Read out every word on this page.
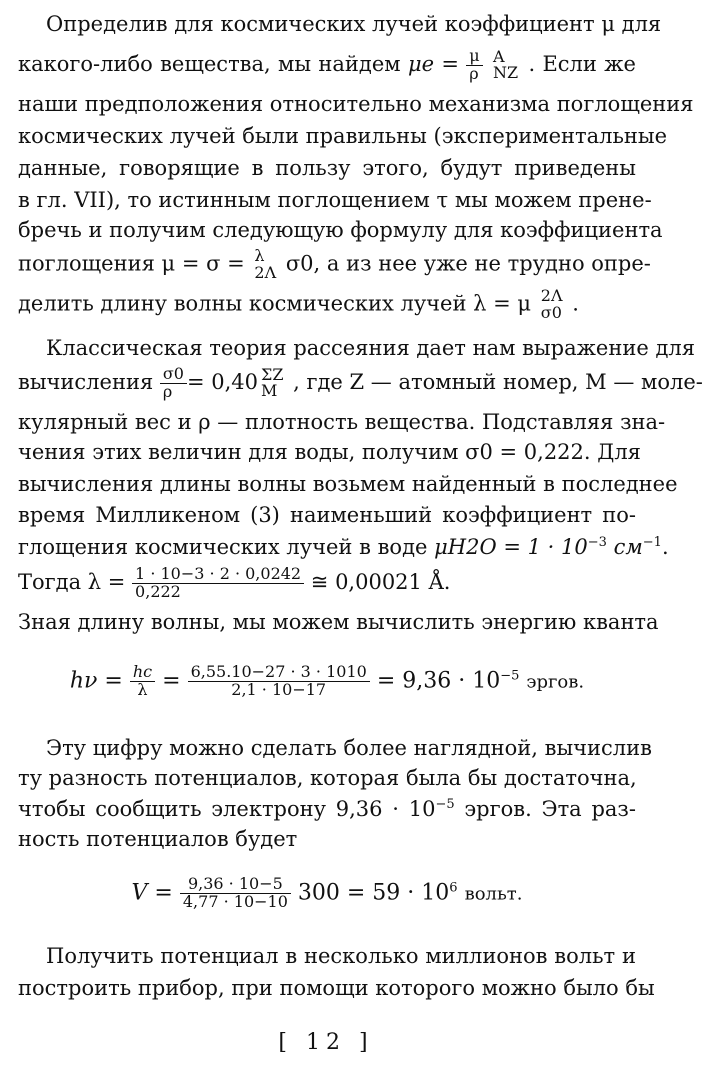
Определив для космических лучей коэффициент μ для
какого-либо вещества, мы найдем $\mu e = \frac{\mu}{\rho}$
A
NZ . Если же
наши предположения относительно механизма поглощения
космических лучей были правильны (экспериментальные
данные, говорящие в пользу этого, будут приведены
в гл. VII), то истинным поглощением τ мы можем пренe-
бречь и получим следующую формулу для коэффициента
поглощения μ = σ = λ
2Λ σ0, а из нее уже не трудно опре-
делить длину волны космических лучей λ = μ 2Λ
σ0 .
Классическая теория рассеяния дает нам выражение для
вычисления $\frac{\sigma 0}{\rho} = 0,40$ ΣZ
M , где Z — атомный номер, M — моле-
кулярный вес и ρ — плотность вещества. Подставляя зна-
чения этих величин для воды, получим σ0 = 0,222. Для
вычисления длины волны возьмем найденный в последнее
время Милликеном (3) наименьший коэффициент по-
глощения космических лучей в воде $\mu H2O = 1 \cdot 10^{-3}$ $см^{-1}$.
Тогда $\lambda = \frac{1 \cdot 10-3 \cdot 2 \cdot 0,0242}{0,222}$ ≅ 0,00021 Å.
Зная длину волны, мы можем вычислить энергию кванта
$h\nu = \frac{hc}{\lambda} = \frac{6,55.10-27 \cdot 3 \cdot 1010}{2,1 \cdot 10-17} = 9,36 \cdot 10^{-5}$ эргов.
Эту цифру можно сделать более наглядной, вычислив
ту разность потенциалов, которая была бы достаточна,
чтобы сообщить электрону $9,36 \cdot 10^{-5}$ эргов. Эта раз-
ность потенциалов будет
$V = \frac{9,36 \cdot 10-5}{4,77 \cdot 10-10} 300 = 59 \cdot 10^6$ вольт.
Получить потенциал в несколько миллионов вольт и
построить прибор, при помощи которого можно было бы
[ 12 ]
